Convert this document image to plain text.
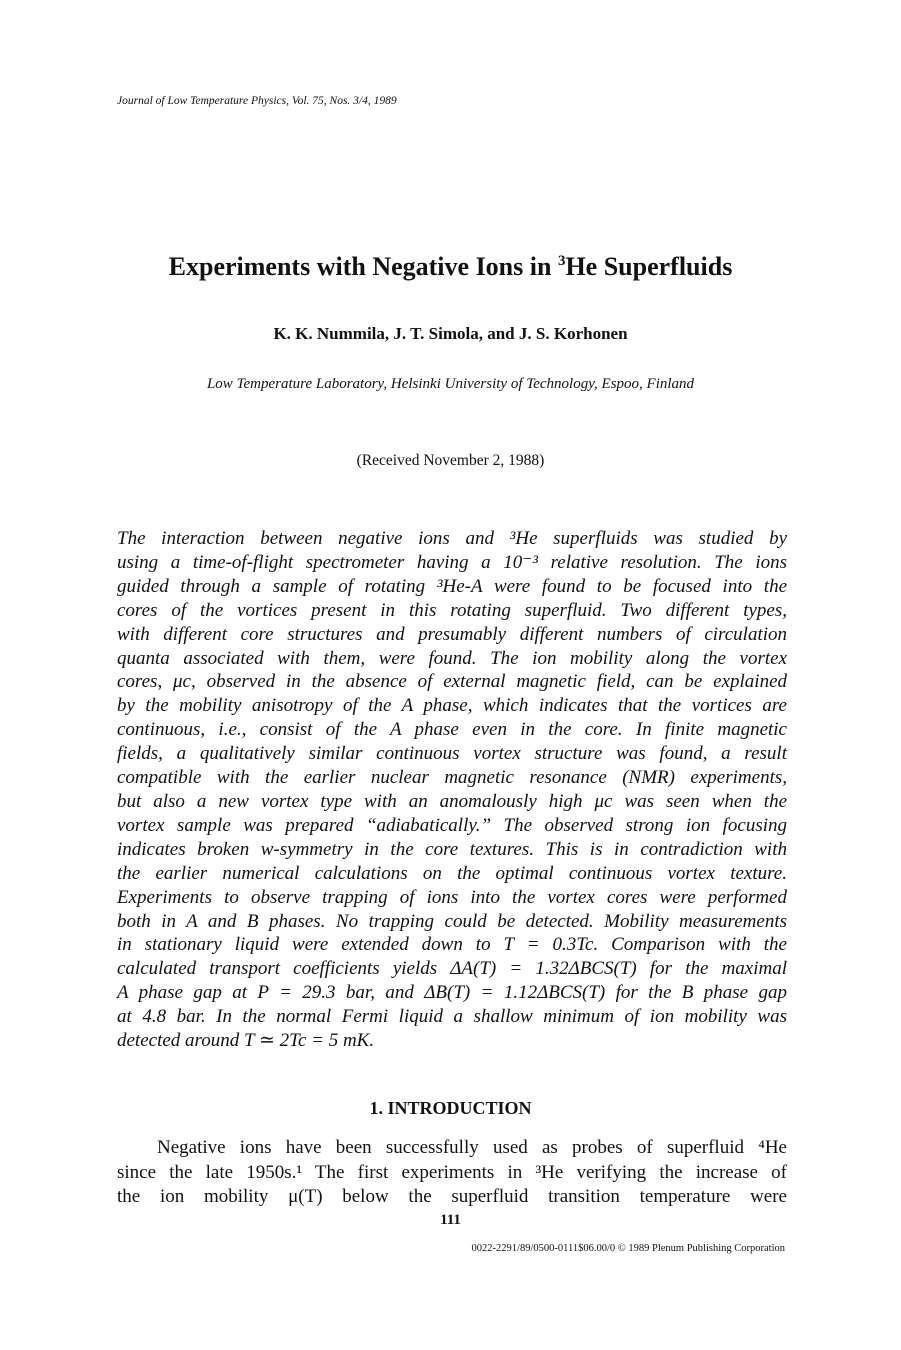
Journal of Low Temperature Physics, Vol. 75, Nos. 3/4, 1989
Experiments with Negative Ions in $^3$He Superfluids
K. K. Nummila, J. T. Simola, and J. S. Korhonen
Low Temperature Laboratory, Helsinki University of Technology, Espoo, Finland
(Received November 2, 1988)
The interaction between negative ions and ³He superfluids was studied by
using a time-of-flight spectrometer having a 10⁻³ relative resolution. The ions
guided through a sample of rotating ³He-A were found to be focused into the
cores of the vortices present in this rotating superfluid. Two different types,
with different core structures and presumably different numbers of circulation
quanta associated with them, were found. The ion mobility along the vortex
cores, μc, observed in the absence of external magnetic field, can be explained
by the mobility anisotropy of the A phase, which indicates that the vortices are
continuous, i.e., consist of the A phase even in the core. In finite magnetic
fields, a qualitatively similar continuous vortex structure was found, a result
compatible with the earlier nuclear magnetic resonance (NMR) experiments,
but also a new vortex type with an anomalously high μc was seen when the
vortex sample was prepared “adiabatically.” The observed strong ion focusing
indicates broken w-symmetry in the core textures. This is in contradiction with
the earlier numerical calculations on the optimal continuous vortex texture.
Experiments to observe trapping of ions into the vortex cores were performed
both in A and B phases. No trapping could be detected. Mobility measurements
in stationary liquid were extended down to T = 0.3Tc. Comparison with the
calculated transport coefficients yields ΔA(T) = 1.32ΔBCS(T) for the maximal
A phase gap at P = 29.3 bar, and ΔB(T) = 1.12ΔBCS(T) for the B phase gap
at 4.8 bar. In the normal Fermi liquid a shallow minimum of ion mobility was
detected around T ≃ 2Tc = 5 mK.
1. INTRODUCTION
Negative ions have been successfully used as probes of superfluid ⁴He
since the late 1950s.¹ The first experiments in ³He verifying the increase of
the ion mobility μ(T) below the superfluid transition temperature were
111
0022-2291/89/0500-0111$06.00/0 © 1989 Plenum Publishing Corporation
